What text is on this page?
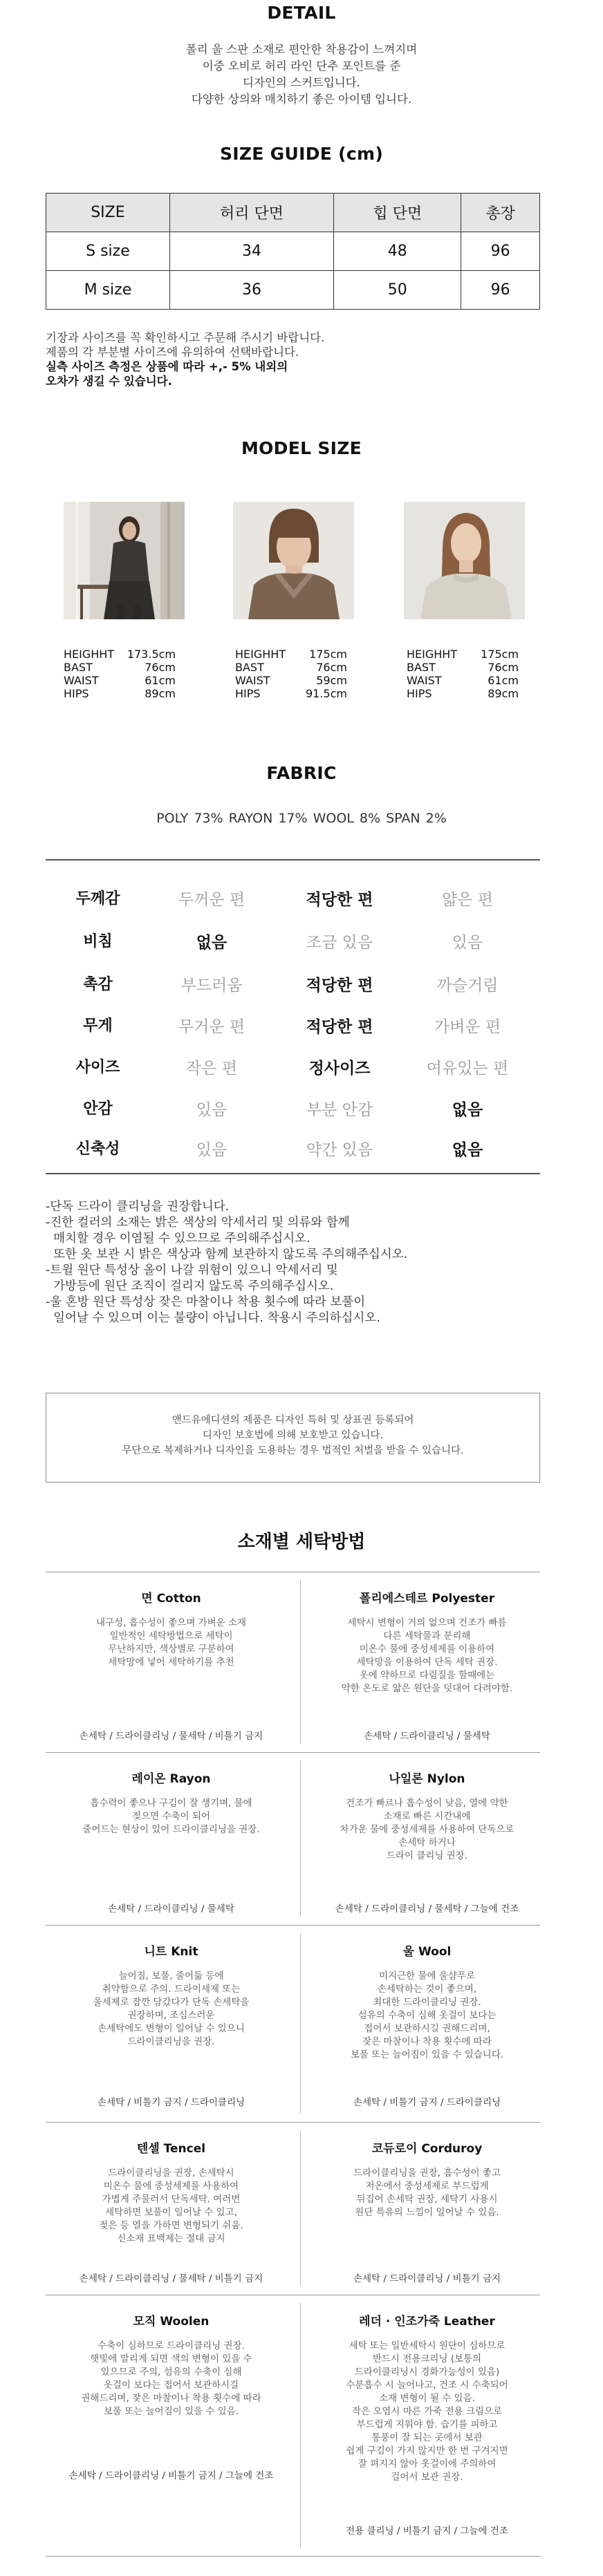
DETAIL
폴리 울 스판 소재로 편안한 착용감이 느껴지며
이중 오비로 허리 라인 단추 포인트를 준
디자인의 스커트입니다.
다양한 상의와 매치하기 좋은 아이템 입니다.
SIZE GUIDE (cm)
SIZE	허리 단면	힙 단면	총장
S size	34	48	96
M size	36	50	96
기장과 사이즈를 꼭 확인하시고 주문해 주시기 바랍니다.
제품의 각 부분별 사이즈에 유의하여 선택바랍니다.
실측 사이즈 측정은 상품에 따라 +,- 5% 내외의
오차가 생길 수 있습니다.
MODEL SIZE
HEIGHHT	173.5cm
BAST	76cm
WAIST	61cm
HIPS	89cm
HEIGHHT	175cm
BAST	76cm
WAIST	59cm
HIPS	91.5cm
HEIGHHT	175cm
BAST	76cm
WAIST	61cm
HIPS	89cm
FABRIC
POLY 73% RAYON 17% WOOL 8% SPAN 2%
두께감	두꺼운 편	적당한 편	얇은 편
비침	없음	조금 있음	있음
촉감	부드러움	적당한 편	까슬거림
무게	무거운 편	적당한 편	가벼운 편
사이즈	작은 편	정사이즈	여유있는 편
안감	있음	부분 안감	없음
신축성	있음	약간 있음	없음
-단독 드라이 클리닝을 권장합니다.
-진한 컬러의 소재는 밝은 색상의 악세서리 및 의류와 함께
매치할 경우 이염될 수 있으므로 주의해주십시오.
또한 옷 보관 시 밝은 색상과 함께 보관하지 않도록 주의해주십시오.
-트윌 원단 특성상 올이 나갈 위험이 있으니 악세서리 및
가방등에 원단 조직이 걸리지 않도록 주의해주십시오.
-울 혼방 원단 특성상 잦은 마찰이나 착용 횟수에 따라 보풀이
일어날 수 있으며 이는 불량이 아닙니다. 착용시 주의하십시오.
앤드유에디션의 제품은 디자인 특허 및 상표권 등록되어
디자인 보호법에 의해 보호받고 있습니다.
무단으로 복제하거나 디자인을 도용하는 경우 법적인 처벌을 받을 수 있습니다.
소재별 세탁방법
면 Cotton
내구성, 흡수성이 좋으며 가벼운 소재
일반적인 세탁방법으로 세탁이
무난하지만, 색상별로 구분하여
세탁망에 넣어 세탁하기를 추천
손세탁 / 드라이클리닝 / 물세탁 / 비틀기 금지
폴리에스테르 Polyester
세탁시 변형이 거의 없으며 건조가 빠름
다른 세탁물과 분리해
미온수 물에 중성세제를 이용하여
세탁망을 이용하여 단독 세탁 권장.
옷에 약하므로 다림질을 할때에는
약한 온도로 얇은 원단을 덧대어 다려야함.
손세탁 / 드라이클리닝 / 물세탁
레이온 Rayon
흡수력이 좋으나 구김이 잘 생기며, 물에
젖으면 수축이 되어
줄어드는 현상이 있어 드라이클리닝을 권장.
손세탁 / 드라이클리닝 / 물세탁
나일론 Nylon
건조가 빠르나 흡수성이 낮음, 열에 약한
소재로 빠른 시간내에
차가운 물에 중성세제를 사용하여 단독으로
손세탁 하거나
드라이 클리닝 권장.
손세탁 / 드라이클리닝 / 물세탁 / 그늘에 건조
니트 Knit
늘어짐, 보풀, 줄어듦 등에
취약함으로 주의. 드라이세제 또는
울세제로 잠깐 담갔다가 단독 손세탁을
권장하며, 조심스러운
손세탁에도 변형이 일어날 수 있으니
드라이클리닝을 권장.
손세탁 / 비틀기 금지 / 드라이클리닝
울 Wool
미지근한 물에 울샴푸로
손세탁하는 것이 좋으며,
최대한 드라이클리닝 권장.
섬유의 수축이 심해 옷걸이 보다는
접어서 보관하시길 권해드리며,
잦은 마찰이나 착용 횟수에 따라
보풀 또는 늘어짐이 있을 수 있습니다.
손세탁 / 비틀기 금지 / 드라이클리닝
텐셀 Tencel
드라이클리닝을 권장, 손세탁시
미온수 물에 중성세제를 사용하여
가볍게 주물러서 단독세탁. 여러번
세탁하면 보풀이 일어날 수 있고,
젖은 등 열을 가하면 변형되기 쉬움.
신소재 표백제는 절대 금지
손세탁 / 드라이클리닝 / 물세탁 / 비틀기 금지
코듀로이 Corduroy
드라이클리닝을 권장, 흡수성이 좋고
저온에서 중성세제로 부드럽게
뒤집어 손세탁 권장, 세탁기 사용시
원단 특유의 느낌이 일어날 수 있음.
손세탁 / 드라이클리닝 / 비틀기 금지
모직 Woolen
수축이 심하므로 드라이클리닝 권장.
햇빛에 말리게 되면 색의 변형이 있을 수
있으므로 주의, 섬유의 수축이 심해
옷걸이 보다는 접어서 보관하시길
권해드리며, 잦은 마찰이나 착용 횟수에 따라
보풀 또는 늘어짐이 있을 수 있음.
손세탁 / 드라이클리닝 / 비틀기 금지 / 그늘에 건조
레더 · 인조가죽 Leather
세탁 또는 일반세탁시 원단이 심하므로
반드시 전용크리닝 (보통의
드라이클리닝시 경화가능성이 있음)
수분흡수 시 늘어나고, 건조 시 수축되어
소재 변형이 될 수 있음.
작은 오염시 마른 가죽 전용 크림으로
부드럽게 지워야 함. 습기를 피하고
통풍이 잘 되는 곳에서 보관
쉽게 구김이 가지 않지만 한 번 구겨지면
잘 펴지지 않아 옷걸이에 주의하여
걸어서 보관 권장.
전용 클리닝 / 비틀기 금지 / 그늘에 건조
